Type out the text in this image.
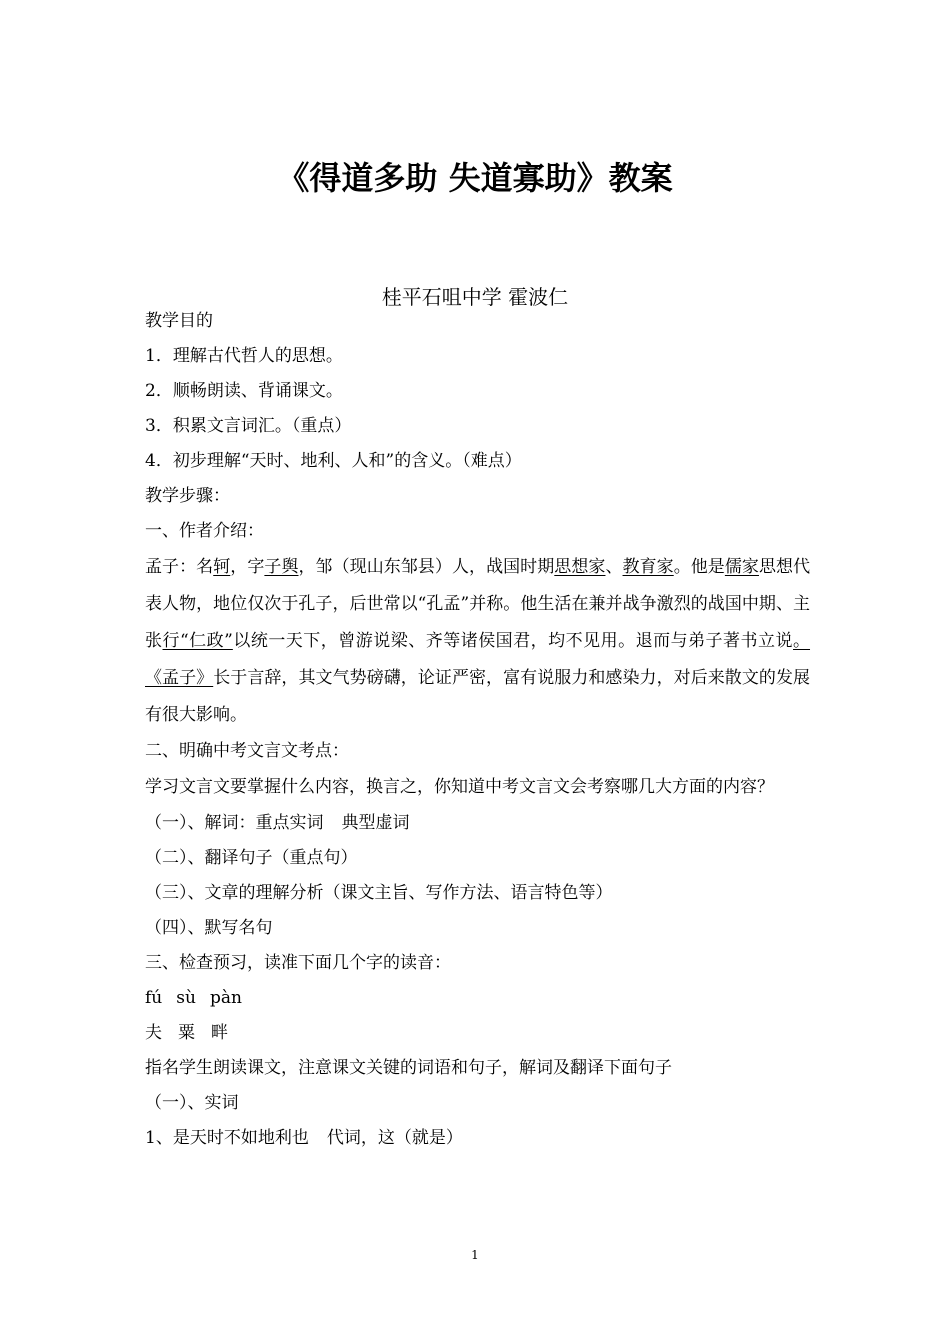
《得道多助 失道寡助》教案
桂平石咀中学 霍波仁
教学目的
1．理解古代哲人的思想。
2．顺畅朗读、背诵课文。
3．积累文言词汇。（重点）
4．初步理解“天时、地利、人和”的含义。（难点）
教学步骤：
一、作者介绍：
孟子：名轲，字子舆，邹（现山东邹县）人，战国时期思想家、教育家。他是儒家思想代表人物，地位仅次于孔子，后世常以“孔孟”并称。他生活在兼并战争激烈的战国中期、主张行“仁政”以统一天下，曾游说梁、齐等诸侯国君，均不见用。退而与弟子著书立说。《孟子》长于言辞，其文气势磅礴，论证严密，富有说服力和感染力，对后来散文的发展有很大影响。
二、明确中考文言文考点：
学习文言文要掌握什么内容，换言之，你知道中考文言文会考察哪几大方面的内容？
（一）、解词：重点实词 典型虚词
（二）、翻译句子（重点句）
（三）、文章的理解分析（课文主旨、写作方法、语言特色等）
（四）、默写名句
三、检查预习，读准下面几个字的读音：
fú sù pàn
夫 粟 畔
指名学生朗读课文，注意课文关键的词语和句子，解词及翻译下面句子
（一）、实词
1、是天时不如地利也 代词，这（就是）
1
